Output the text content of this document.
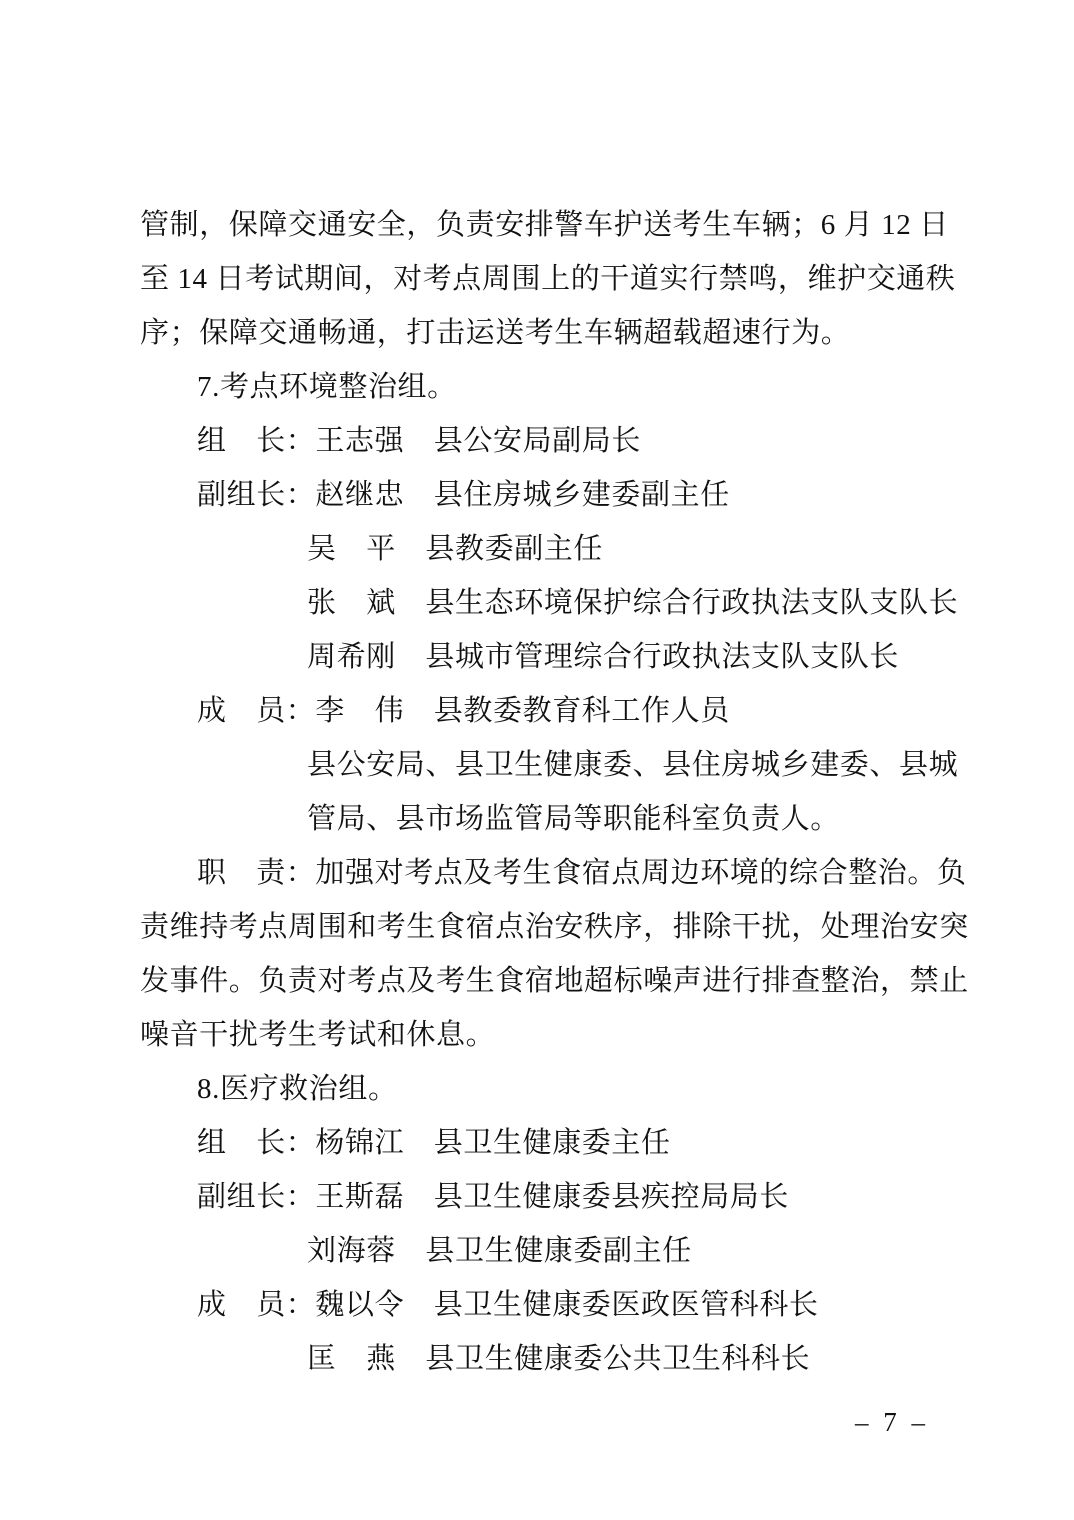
管制，保障交通安全，负责安排警车护送考生车辆；6 月 12 日
至 14 日考试期间，对考点周围上的干道实行禁鸣，维护交通秩
序；保障交通畅通，打击运送考生车辆超载超速行为。
7.考点环境整治组。
组　长：王志强　县公安局副局长
副组长：赵继忠　县住房城乡建委副主任
吴　平　县教委副主任
张　斌　县生态环境保护综合行政执法支队支队长
周希刚　县城市管理综合行政执法支队支队长
成　员：李　伟　县教委教育科工作人员
县公安局、县卫生健康委、县住房城乡建委、县城
管局、县市场监管局等职能科室负责人。
职　责：加强对考点及考生食宿点周边环境的综合整治。负
责维持考点周围和考生食宿点治安秩序，排除干扰，处理治安突
发事件。负责对考点及考生食宿地超标噪声进行排查整治，禁止
噪音干扰考生考试和休息。
8.医疗救治组。
组　长：杨锦江　县卫生健康委主任
副组长：王斯磊　县卫生健康委县疾控局局长
刘海蓉　县卫生健康委副主任
成　员：魏以令　县卫生健康委医政医管科科长
匡　燕　县卫生健康委公共卫生科科长
– 7 –
